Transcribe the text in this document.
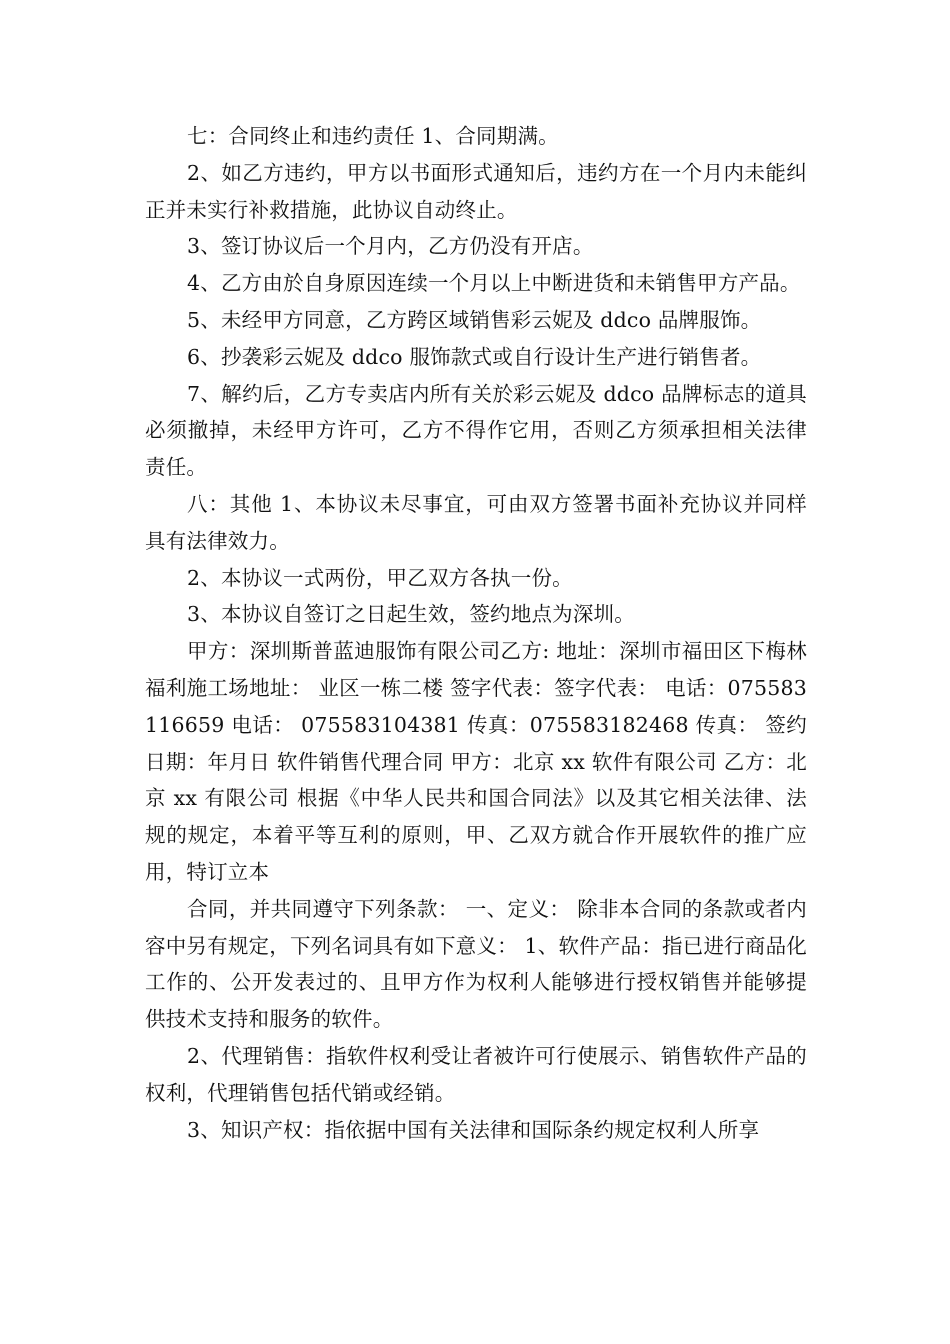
七：合同终止和违约责任 1、合同期满。

2、如乙方违约，甲方以书面形式通知后，违约方在一个月内未能纠正并未实行补救措施，此协议自动终止。

3、签订协议后一个月内，乙方仍没有开店。

4、乙方由於自身原因连续一个月以上中断进货和未销售甲方产品。

5、未经甲方同意，乙方跨区域销售彩云妮及 ddco 品牌服饰。

6、抄袭彩云妮及 ddco 服饰款式或自行设计生产进行销售者。

7、解约后，乙方专卖店内所有关於彩云妮及 ddco 品牌标志的道具必须撤掉，未经甲方许可，乙方不得作它用，否则乙方须承担相关法律责任。

八：其他 1、本协议未尽事宜，可由双方签署书面补充协议并同样具有法律效力。

2、本协议一式两份，甲乙双方各执一份。

3、本协议自签订之日起生效，签约地点为深圳。

甲方：深圳斯普蓝迪服饰有限公司乙方: 地址：深圳市福田区下梅林福利施工场地址： 业区一栋二楼 签字代表：签字代表： 电话：075583116659 电话： 075583104381 传真：075583182468 传真： 签约日期：年月日 软件销售代理合同 甲方：北京 xx 软件有限公司 乙方：北京 xx 有限公司 根据《中华人民共和国合同法》以及其它相关法律、法规的规定，本着平等互利的原则，甲、乙双方就合作开展软件的推广应用，特订立本

合同，并共同遵守下列条款： 一、定义： 除非本合同的条款或者内容中另有规定，下列名词具有如下意义： 1、软件产品：指已进行商品化工作的、公开发表过的、且甲方作为权利人能够进行授权销售并能够提供技术支持和服务的软件。

2、代理销售：指软件权利受让者被许可行使展示、销售软件产品的权利，代理销售包括代销或经销。

3、知识产权：指依据中国有关法律和国际条约规定权利人所享
